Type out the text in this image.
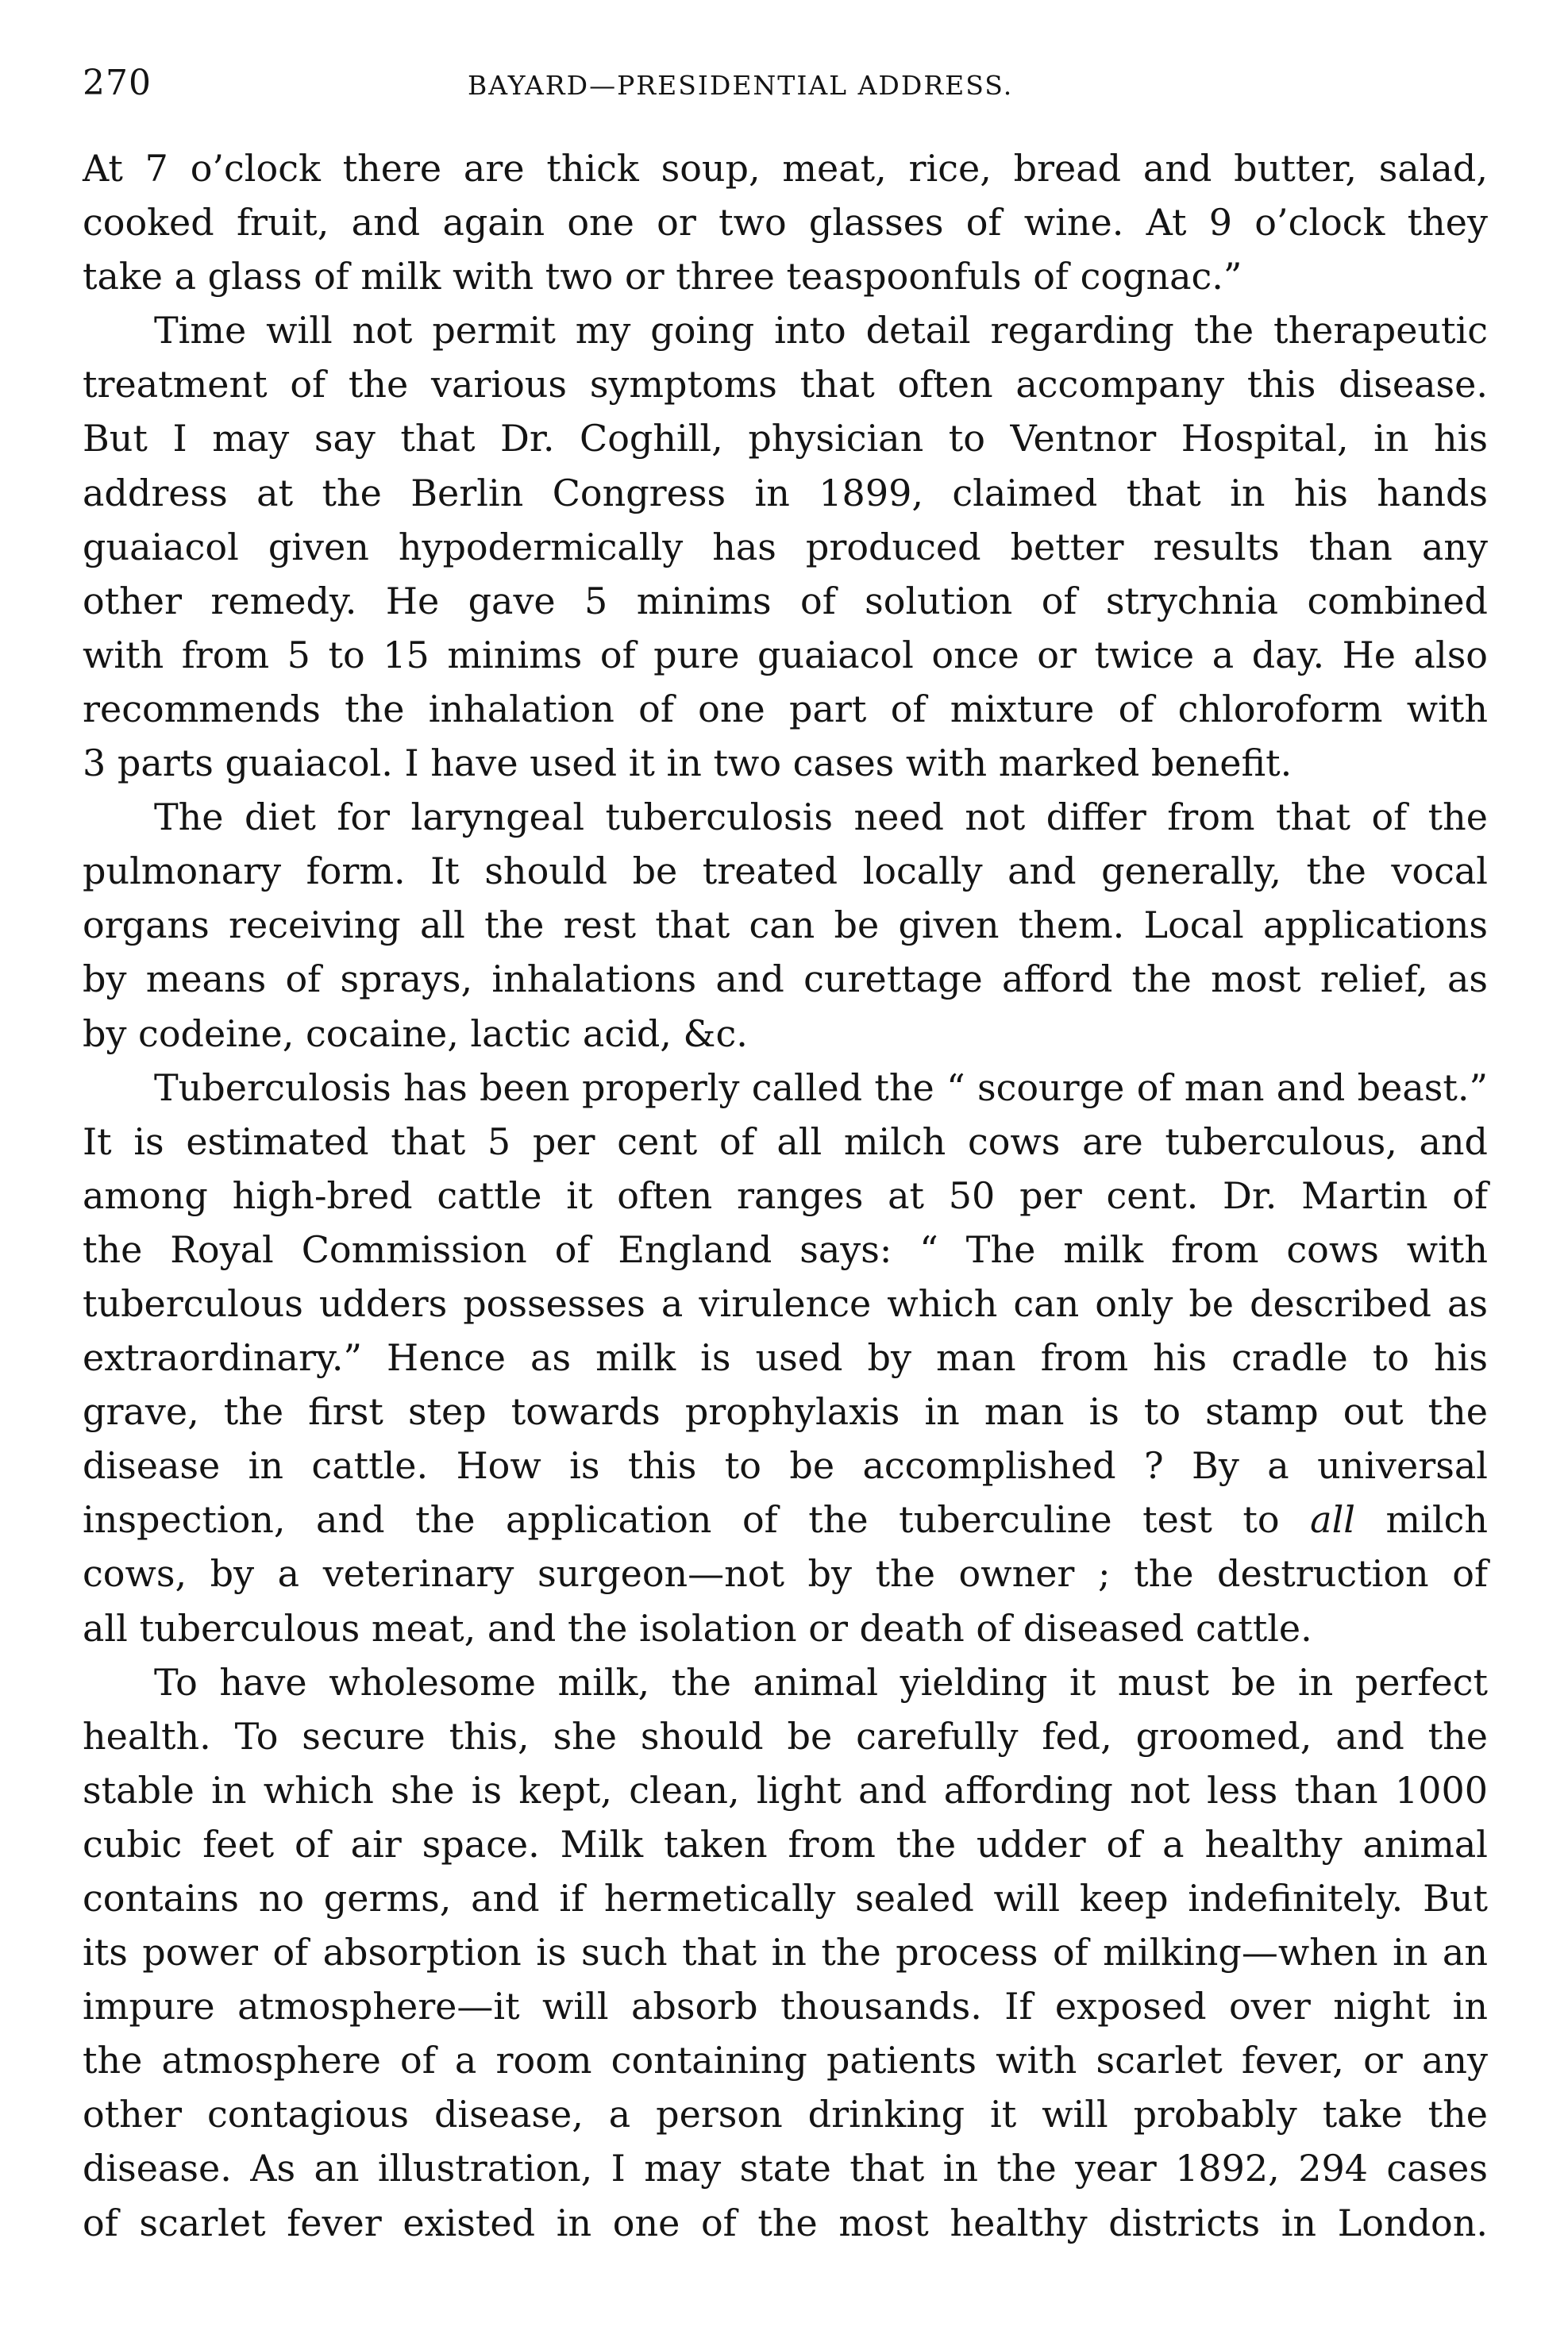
270	BAYARD—PRESIDENTIAL ADDRESS.
At 7 o’clock there are thick soup, meat, rice, bread and butter, salad,
cooked fruit, and again one or two glasses of wine. At 9 o’clock they
take a glass of milk with two or three teaspoonfuls of cognac.”
Time will not permit my going into detail regarding the therapeutic
treatment of the various symptoms that often accompany this disease.
But I may say that Dr. Coghill, physician to Ventnor Hospital, in his
address at the Berlin Congress in 1899, claimed that in his hands
guaiacol given hypodermically has produced better results than any
other remedy. He gave 5 minims of solution of strychnia combined
with from 5 to 15 minims of pure guaiacol once or twice a day. He also
recommends the inhalation of one part of mixture of chloroform with
3 parts guaiacol. I have used it in two cases with marked benefit.
The diet for laryngeal tuberculosis need not differ from that of the
pulmonary form. It should be treated locally and generally, the vocal
organs receiving all the rest that can be given them. Local applications
by means of sprays, inhalations and curettage afford the most relief, as
by codeine, cocaine, lactic acid, &c.
Tuberculosis has been properly called the “ scourge of man and beast.”
It is estimated that 5 per cent of all milch cows are tuberculous, and
among high-bred cattle it often ranges at 50 per cent. Dr. Martin of
the Royal Commission of England says: “ The milk from cows with
tuberculous udders possesses a virulence which can only be described as
extraordinary.” Hence as milk is used by man from his cradle to his
grave, the first step towards prophylaxis in man is to stamp out the
disease in cattle. How is this to be accomplished ? By a universal
inspection, and the application of the tuberculine test to all milch
cows, by a veterinary surgeon—not by the owner ; the destruction of
all tuberculous meat, and the isolation or death of diseased cattle.
To have wholesome milk, the animal yielding it must be in perfect
health. To secure this, she should be carefully fed, groomed, and the
stable in which she is kept, clean, light and affording not less than 1000
cubic feet of air space. Milk taken from the udder of a healthy animal
contains no germs, and if hermetically sealed will keep indefinitely. But
its power of absorption is such that in the process of milking—when in an
impure atmosphere—it will absorb thousands. If exposed over night in
the atmosphere of a room containing patients with scarlet fever, or any
other contagious disease, a person drinking it will probably take the
disease. As an illustration, I may state that in the year 1892, 294 cases
of scarlet fever existed in one of the most healthy districts in London.
